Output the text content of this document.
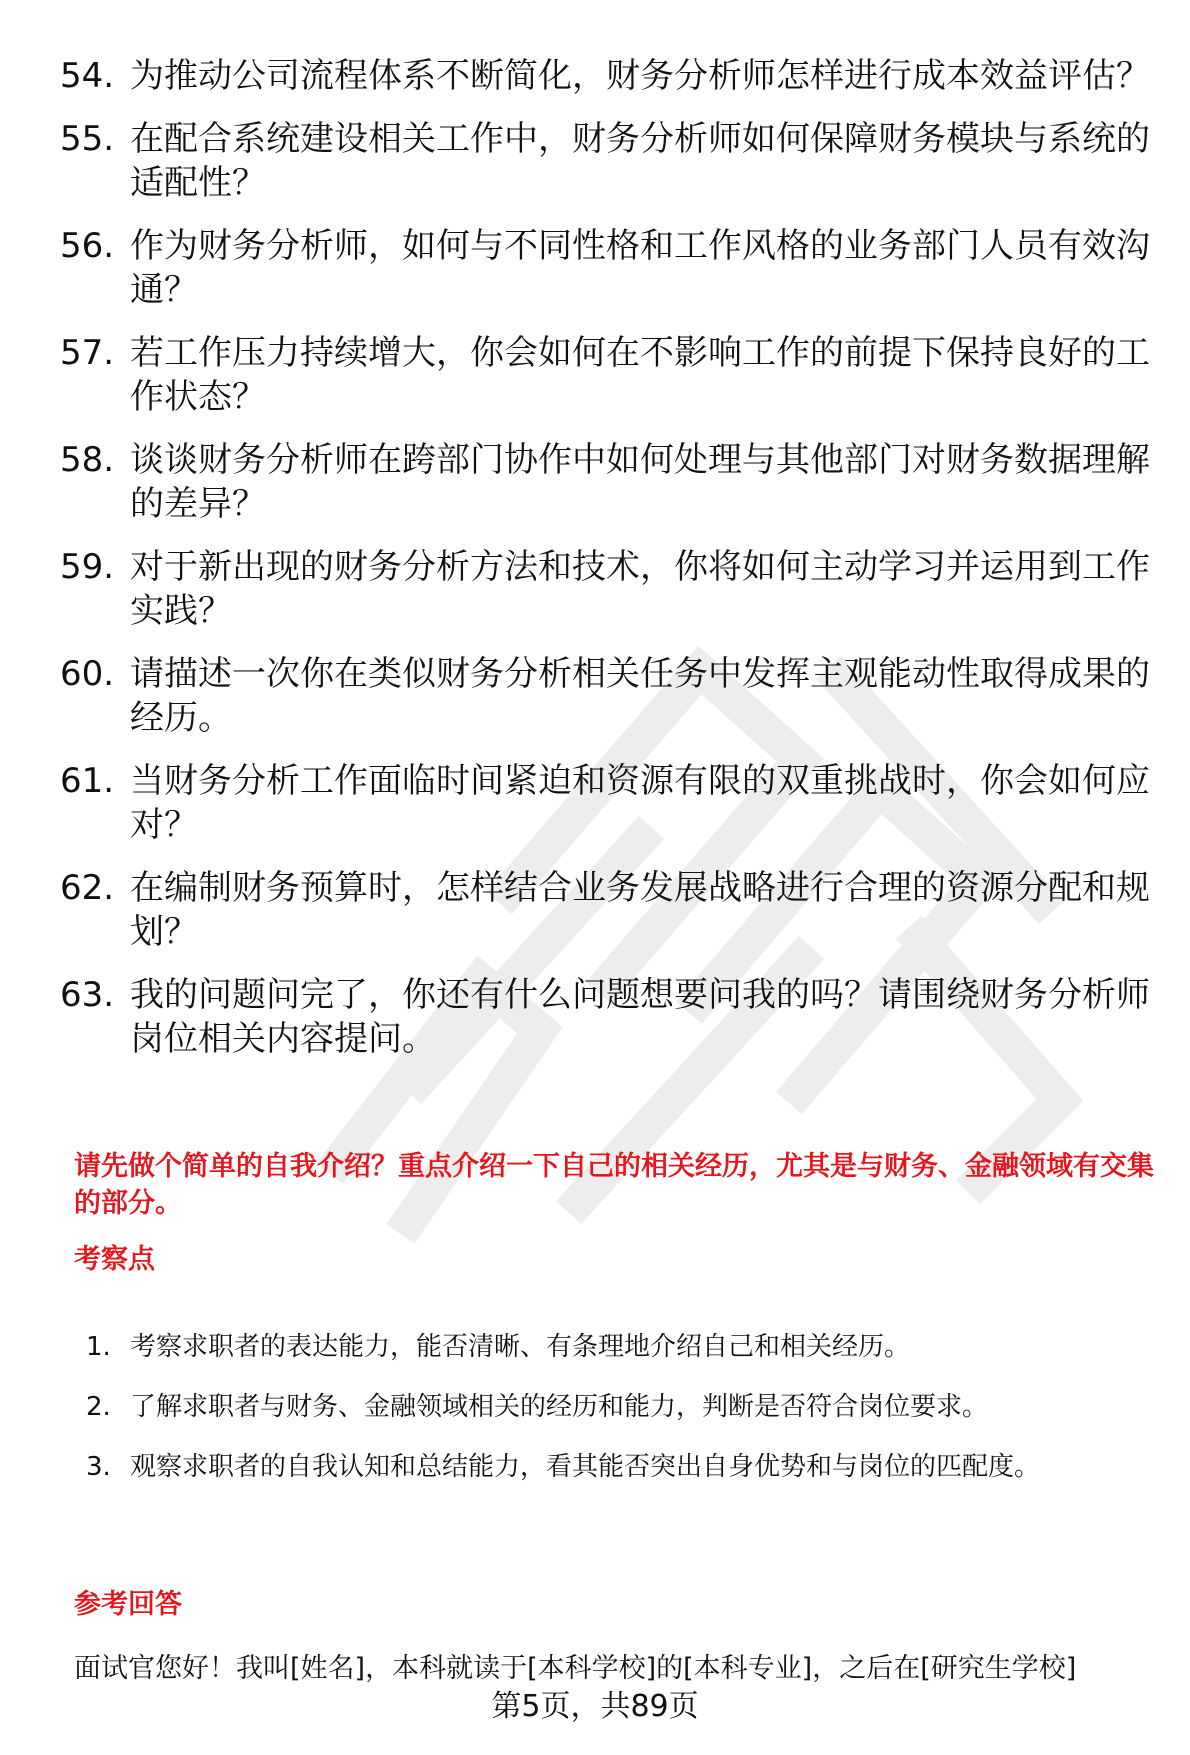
54. 为推动公司流程体系不断简化，财务分析师怎样进行成本效益评估？
55. 在配合系统建设相关工作中，财务分析师如何保障财务模块与系统的适配性？
56. 作为财务分析师，如何与不同性格和工作风格的业务部门人员有效沟通？
57. 若工作压力持续增大，你会如何在不影响工作的前提下保持良好的工作状态？
58. 谈谈财务分析师在跨部门协作中如何处理与其他部门对财务数据理解的差异？
59. 对于新出现的财务分析方法和技术，你将如何主动学习并运用到工作实践？
60. 请描述一次你在类似财务分析相关任务中发挥主观能动性取得成果的经历。
61. 当财务分析工作面临时间紧迫和资源有限的双重挑战时，你会如何应对？
62. 在编制财务预算时，怎样结合业务发展战略进行合理的资源分配和规划？
63. 我的问题问完了，你还有什么问题想要问我的吗？请围绕财务分析师岗位相关内容提问。

请先做个简单的自我介绍？重点介绍一下自己的相关经历，尤其是与财务、金融领域有交集的部分。

考察点
1. 考察求职者的表达能力，能否清晰、有条理地介绍自己和相关经历。
2. 了解求职者与财务、金融领域相关的经历和能力，判断是否符合岗位要求。
3. 观察求职者的自我认知和总结能力，看其能否突出自身优势和与岗位的匹配度。
参考回答

面试官您好！我叫[姓名]，本科就读于[本科学校]的[本科专业]，之后在[研究生学校]

第5页，共89页
